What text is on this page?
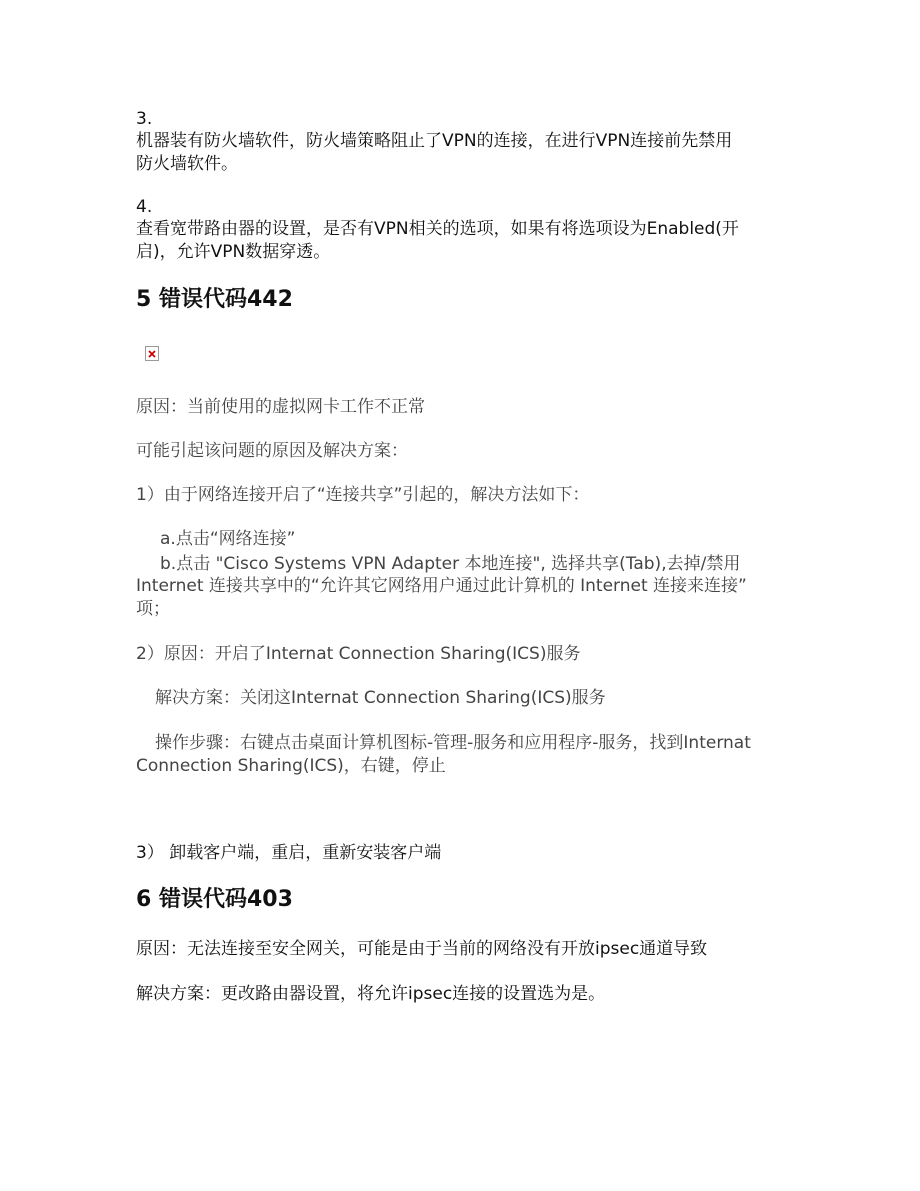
3.

机器装有防火墙软件，防火墙策略阻止了VPN的连接，在进行VPN连接前先禁用

防火墙软件。

4.

查看宽带路由器的设置，是否有VPN相关的选项，如果有将选项设为Enabled(开

启)，允许VPN数据穿透。

5 错误代码442

原因：当前使用的虚拟网卡工作不正常

可能引起该问题的原因及解决方案：

1）由于网络连接开启了“连接共享”引起的，解决方法如下：

a.点击“网络连接”

b.点击 "Cisco Systems VPN Adapter 本地连接", 选择共享(Tab),去掉/禁用

Internet 连接共享中的“允许其它网络用户通过此计算机的 Internet 连接来连接”

项；

2）原因：开启了Internat Connection Sharing(ICS)服务

解决方案：关闭这Internat Connection Sharing(ICS)服务

操作步骤：右键点击桌面计算机图标-管理-服务和应用程序-服务，找到Internat

Connection Sharing(ICS)，右键，停止

3） 卸载客户端，重启，重新安装客户端

6 错误代码403

原因：无法连接至安全网关，可能是由于当前的网络没有开放ipsec通道导致

解决方案：更改路由器设置，将允许ipsec连接的设置选为是。
